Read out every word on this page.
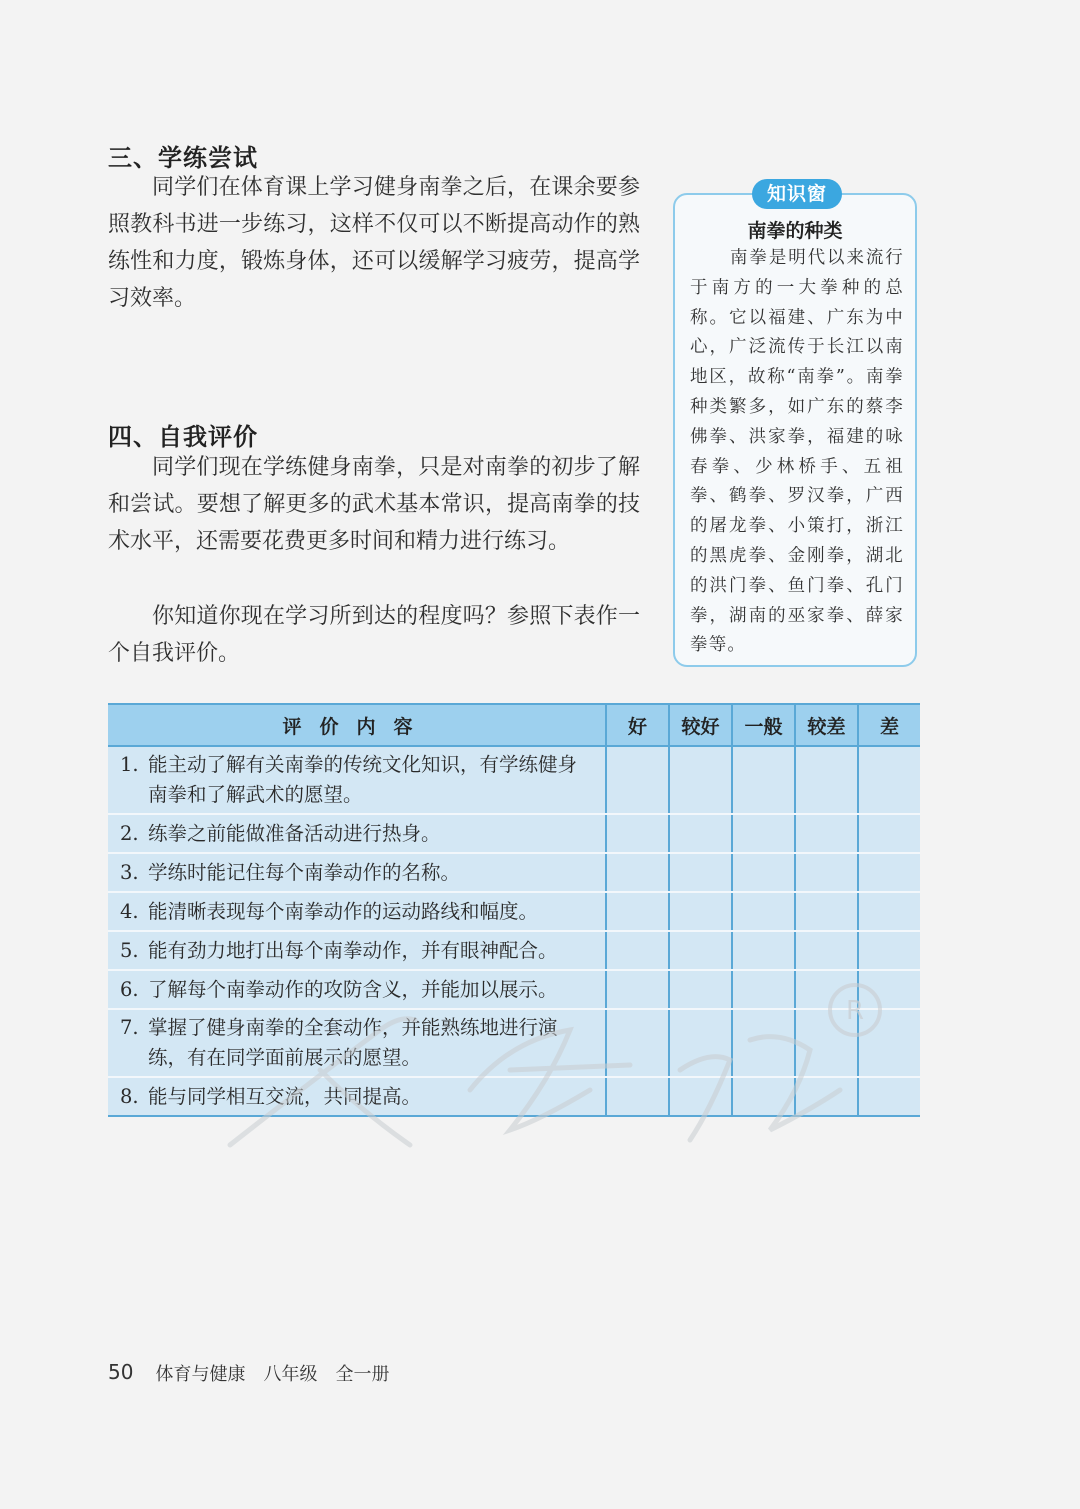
三、学练尝试

同学们在体育课上学习健身南拳之后，在课余要参照教科书进一步练习，这样不仅可以不断提高动作的熟练性和力度，锻炼身体，还可以缓解学习疲劳，提高学习效率。

四、自我评价

同学们现在学练健身南拳，只是对南拳的初步了解和尝试。要想了解更多的武术基本常识，提高南拳的技术水平，还需要花费更多时间和精力进行练习。

你知道你现在学习所到达的程度吗？参照下表作一个自我评价。

知识窗
南拳的种类

南拳是明代以来流行于南方的一大拳种的总称。它以福建、广东为中心，广泛流传于长江以南地区，故称“南拳”。南拳种类繁多，如广东的蔡李佛拳、洪家拳，福建的咏春拳、少林桥手、五祖拳、鹤拳、罗汉拳，广西的屠龙拳、小策打，浙江的黑虎拳、金刚拳，湖北的洪门拳、鱼门拳、孔门拳，湖南的巫家拳、薛家拳等。

评价内容	好	较好	一般	较差	差

1. 能主动了解有关南拳的传统文化知识，有学练健身南拳和了解武术的愿望。					

2. 练拳之前能做准备活动进行热身。					

3. 学练时能记住每个南拳动作的名称。					

4. 能清晰表现每个南拳动作的运动路线和幅度。					

5. 能有劲力地打出每个南拳动作，并有眼神配合。					

6. 了解每个南拳动作的攻防含义，并能加以展示。					

7. 掌握了健身南拳的全套动作，并能熟练地进行演练，有在同学面前展示的愿望。					

8. 能与同学相互交流，共同提高。					

R
50 体育与健康 八年级 全一册
